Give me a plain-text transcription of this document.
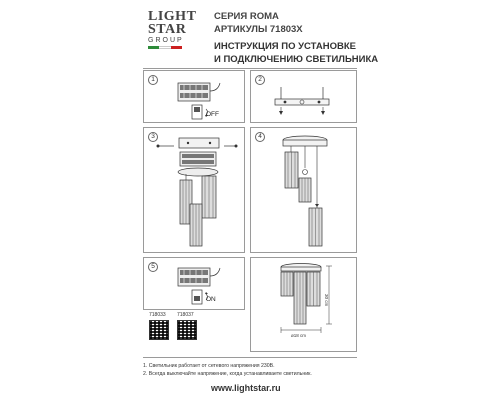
LIGHT
STAR
GROUP
СЕРИЯ ROMA
АРТИКУЛЫ 71803X
ИНСТРУКЦИЯ ПО УСТАНОВКЕ
И ПОДКЛЮЧЕНИЮ СВЕТИЛЬНИКА
1
OFF
2
3	4
5
ON	30 cm
ø18 cm
718033 718037
1. Светильник работает от сетевого напряжения 230В.
2. Всегда выключайте напряжение, когда устанавливаете светильник.
www.lightstar.ru
